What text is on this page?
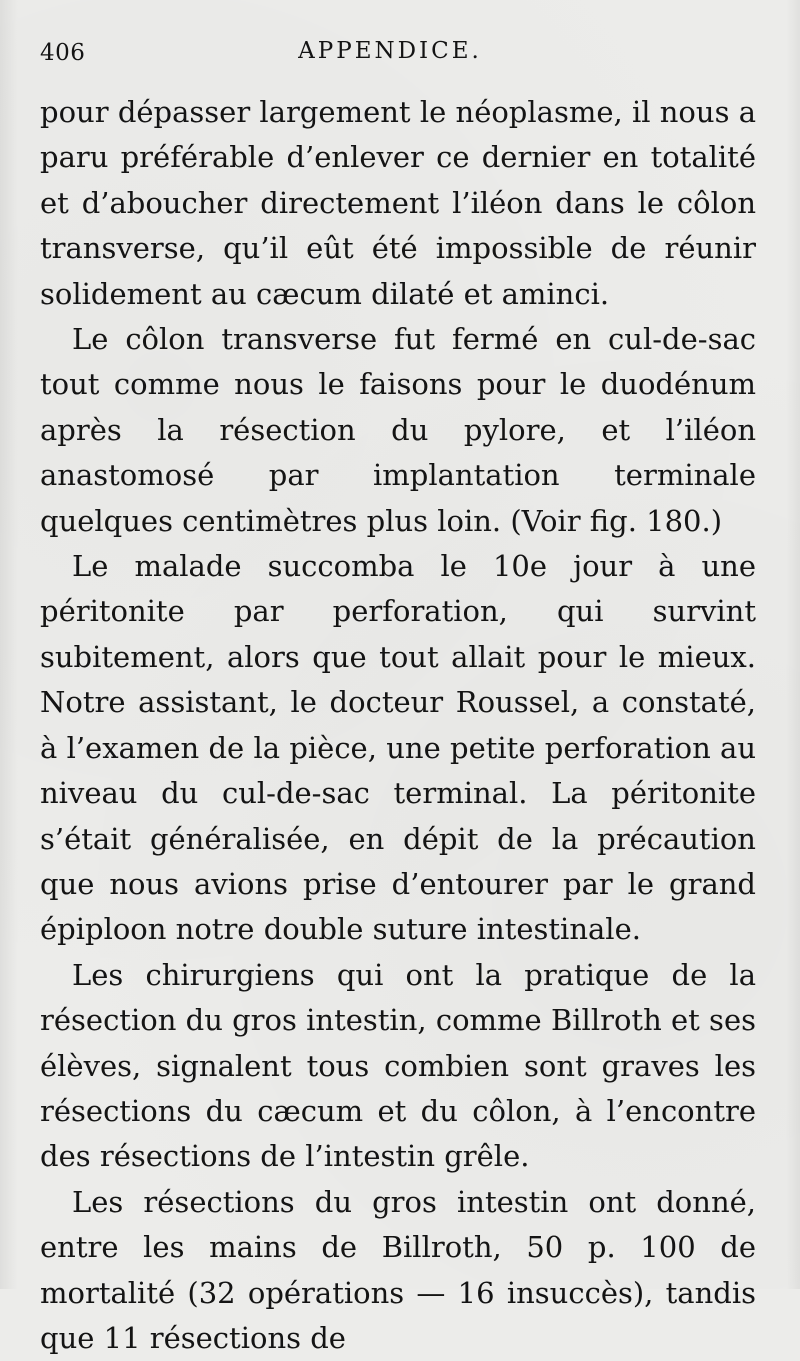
406	APPENDICE.

pour dépasser largement le néoplasme, il nous a paru préférable d’enlever ce dernier en totalité et d’aboucher directement l’iléon dans le côlon transverse, qu’il eût été impossible de réunir solidement au cæcum dilaté et aminci.

Le côlon transverse fut fermé en cul-de-sac tout comme nous le faisons pour le duodénum après la résection du pylore, et l’iléon anastomosé par implantation terminale quelques centimètres plus loin. (Voir fig. 180.)

Le malade succomba le 10e jour à une péritonite par perforation, qui survint subitement, alors que tout allait pour le mieux. Notre assistant, le docteur Roussel, a constaté, à l’examen de la pièce, une petite perforation au niveau du cul-de-sac terminal. La péritonite s’était généralisée, en dépit de la précaution que nous avions prise d’entourer par le grand épiploon notre double suture intestinale.

Les chirurgiens qui ont la pratique de la résection du gros intestin, comme Billroth et ses élèves, signalent tous combien sont graves les résections du cæcum et du côlon, à l’encontre des résections de l’intestin grêle.

Les résections du gros intestin ont donné, entre les mains de Billroth, 50 p. 100 de mortalité (32 opérations — 16 insuccès), tandis que 11 résections de
